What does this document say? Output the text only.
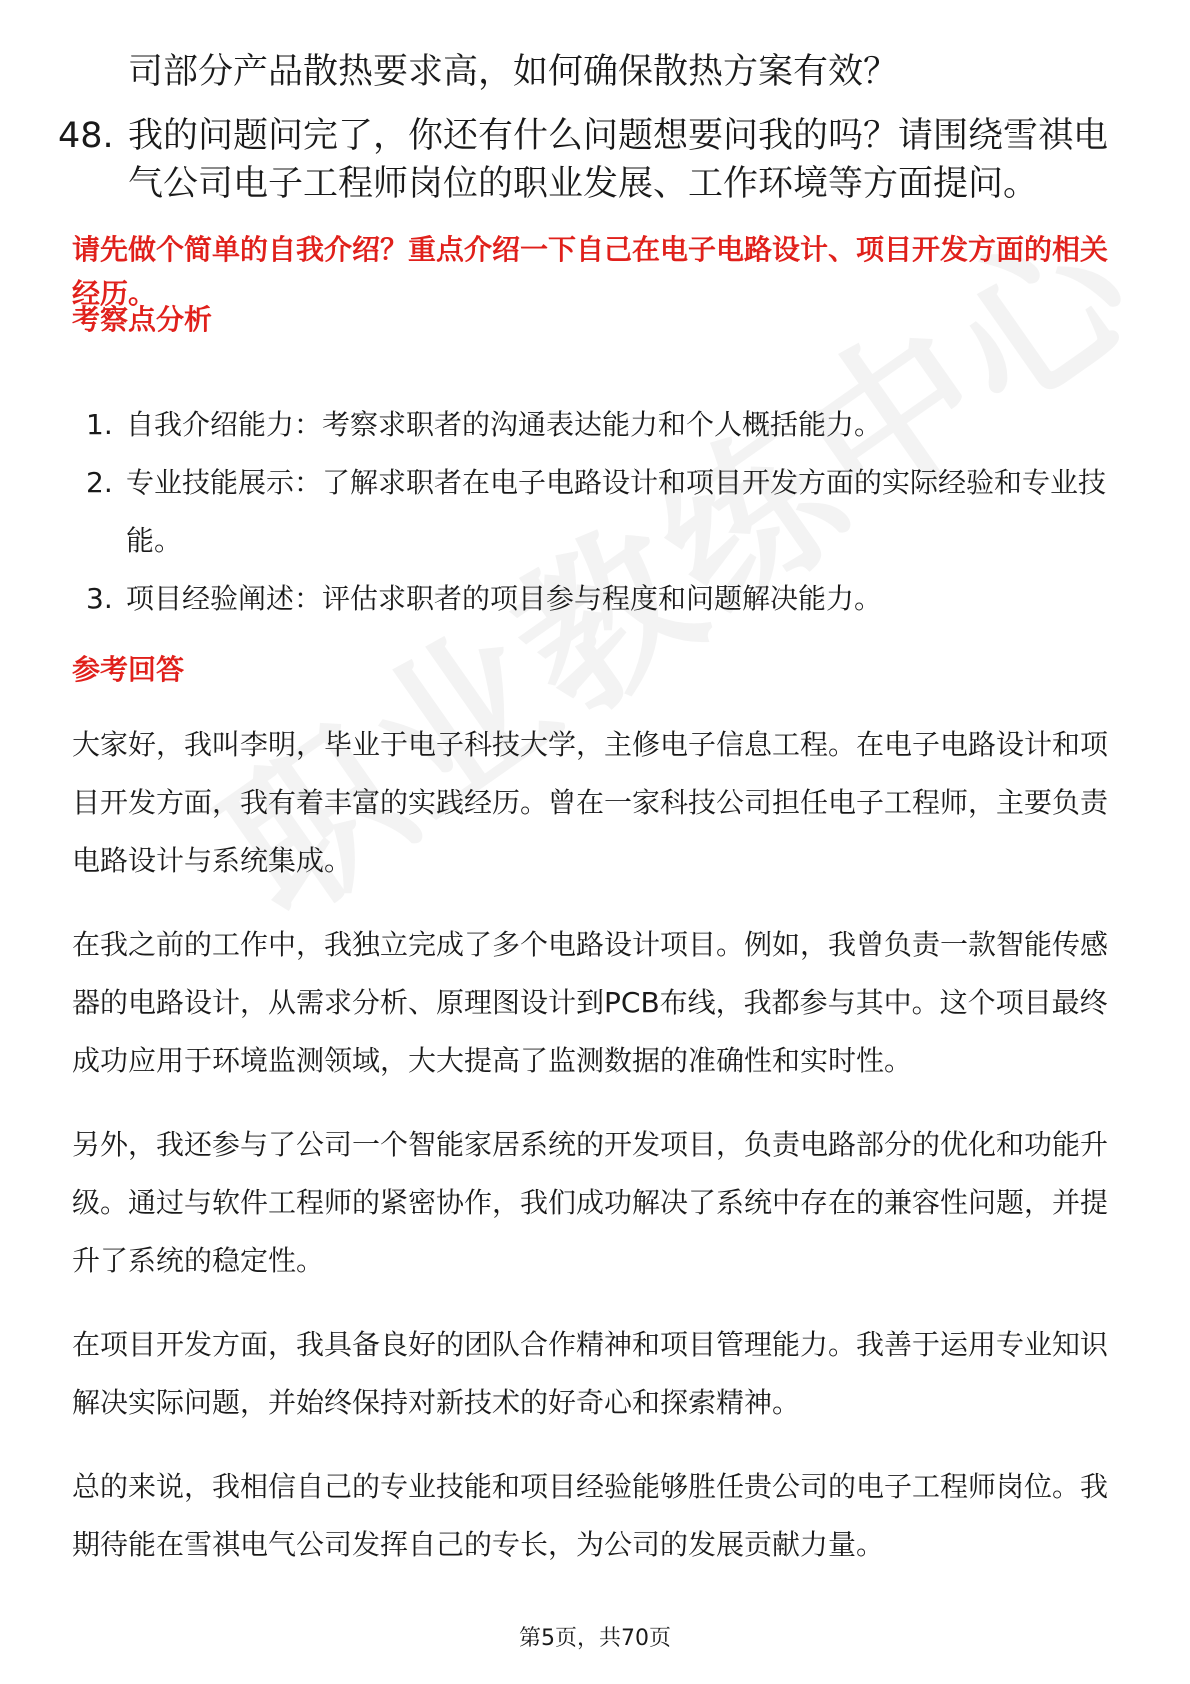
司部分产品散热要求高，如何确保散热方案有效？
48. 我的问题问完了，你还有什么问题想要问我的吗？请围绕雪祺电气公司电子工程师岗位的职业发展、工作环境等方面提问。
请先做个简单的自我介绍？重点介绍一下自己在电子电路设计、项目开发方面的相关经历。
考察点分析
1. 自我介绍能力：考察求职者的沟通表达能力和个人概括能力。
2. 专业技能展示：了解求职者在电子电路设计和项目开发方面的实际经验和专业技能。
3. 项目经验阐述：评估求职者的项目参与程度和问题解决能力。
参考回答
大家好，我叫李明，毕业于电子科技大学，主修电子信息工程。在电子电路设计和项目开发方面，我有着丰富的实践经历。曾在一家科技公司担任电子工程师，主要负责电路设计与系统集成。
在我之前的工作中，我独立完成了多个电路设计项目。例如，我曾负责一款智能传感器的电路设计，从需求分析、原理图设计到PCB布线，我都参与其中。这个项目最终成功应用于环境监测领域，大大提高了监测数据的准确性和实时性。
另外，我还参与了公司一个智能家居系统的开发项目，负责电路部分的优化和功能升级。通过与软件工程师的紧密协作，我们成功解决了系统中存在的兼容性问题，并提升了系统的稳定性。
在项目开发方面，我具备良好的团队合作精神和项目管理能力。我善于运用专业知识解决实际问题，并始终保持对新技术的好奇心和探索精神。
总的来说，我相信自己的专业技能和项目经验能够胜任贵公司的电子工程师岗位。我期待能在雪祺电气公司发挥自己的专长，为公司的发展贡献力量。
第5页，共70页
